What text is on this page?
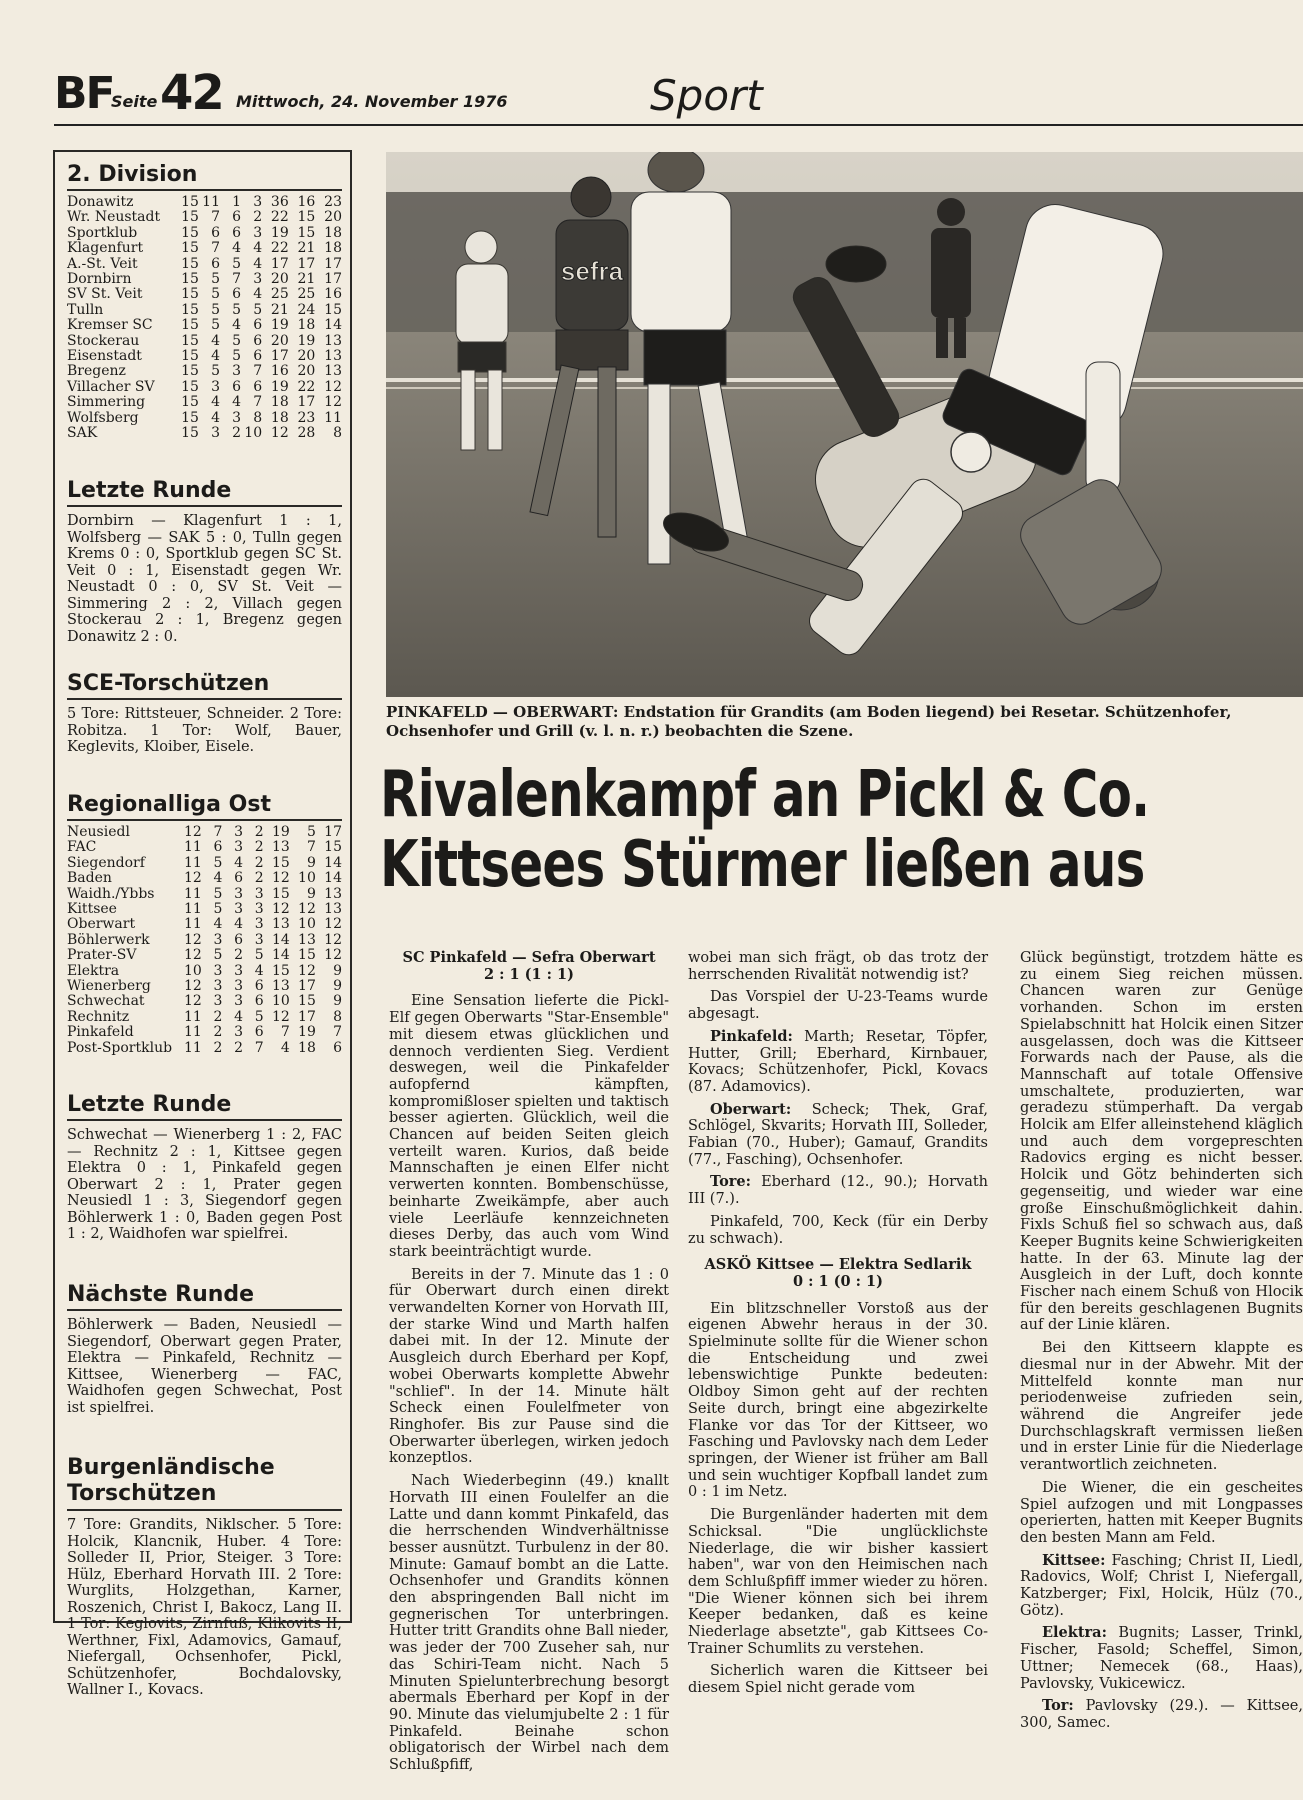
BF
Seite 42 Mittwoch, 24. November 1976	Sport
2. Division
Donawitz	15	11	1	3	36	16	23
Wr. Neustadt	15	7	6	2	22	15	20
Sportklub	15	6	6	3	19	15	18
Klagenfurt	15	7	4	4	22	21	18
A.-St. Veit	15	6	5	4	17	17	17
Dornbirn	15	5	7	3	20	21	17
SV St. Veit	15	5	6	4	25	25	16
Tulln	15	5	5	5	21	24	15
Kremser SC	15	5	4	6	19	18	14
Stockerau	15	4	5	6	20	19	13
Eisenstadt	15	4	5	6	17	20	13
Bregenz	15	5	3	7	16	20	13
Villacher SV	15	3	6	6	19	22	12
Simmering	15	4	4	7	18	17	12
Wolfsberg	15	4	3	8	18	23	11
SAK	15	3	2	10	12	28	8
Letzte Runde
Dornbirn — Klagenfurt 1 : 1, Wolfsberg — SAK 5 : 0, Tulln gegen Krems 0 : 0, Sportklub gegen SC St. Veit 0 : 1, Eisenstadt gegen Wr. Neustadt 0 : 0, SV St. Veit — Simmering 2 : 2, Villach gegen Stockerau 2 : 1, Bregenz gegen Donawitz 2 : 0.
SCE-Torschützen
5 Tore: Rittsteuer, Schneider. 2 Tore: Robitza. 1 Tor: Wolf, Bauer, Keglevits, Kloiber, Eisele.
Regionalliga Ost
Neusiedl	12	7	3	2	19	5	17
FAC	11	6	3	2	13	7	15
Siegendorf	11	5	4	2	15	9	14
Baden	12	4	6	2	12	10	14
Waidh./Ybbs	11	5	3	3	15	9	13
Kittsee	11	5	3	3	12	12	13
Oberwart	11	4	4	3	13	10	12
Böhlerwerk	12	3	6	3	14	13	12
Prater-SV	12	5	2	5	14	15	12
Elektra	10	3	3	4	15	12	9
Wienerberg	12	3	3	6	13	17	9
Schwechat	12	3	3	6	10	15	9
Rechnitz	11	2	4	5	12	17	8
Pinkafeld	11	2	3	6	7	19	7
Post-Sportklub	11	2	2	7	4	18	6
Letzte Runde
Schwechat — Wienerberg 1 : 2, FAC — Rechnitz 2 : 1, Kittsee gegen Elektra 0 : 1, Pinkafeld gegen Oberwart 2 : 1, Prater gegen Neusiedl 1 : 3, Siegendorf gegen Böhlerwerk 1 : 0, Baden gegen Post 1 : 2, Waidhofen war spielfrei.
Nächste Runde
Böhlerwerk — Baden, Neusiedl — Siegendorf, Oberwart gegen Prater, Elektra — Pinkafeld, Rechnitz — Kittsee, Wienerberg — FAC, Waidhofen gegen Schwechat, Post ist spielfrei.
Burgenländische Torschützen
7 Tore: Grandits, Niklscher. 5 Tore: Holcik, Klancnik, Huber. 4 Tore: Solleder II, Prior, Steiger. 3 Tore: Hülz, Eberhard Horvath III. 2 Tore: Wurglits, Holzgethan, Karner, Roszenich, Christ I, Bakocz, Lang II. 1 Tor: Keglovits, Zirnfuß, Klikovits II, Werthner, Fixl, Adamovics, Gamauf, Niefergall, Ochsenhofer, Pickl, Schützenhofer, Bochdalovsky, Wallner I., Kovacs.
sefra
PINKAFELD — OBERWART: Endstation für Grandits (am Boden liegend) bei Resetar. Schützenhofer, Ochsenhofer und Grill (v. l. n. r.) beobachten die Szene.
Rivalenkampf an Pickl & Co.
Kittsees Stürmer ließen aus

SC Pinkafeld — Sefra Oberwart

2 : 1 (1 : 1)

Eine Sensation lieferte die Pickl-Elf gegen Oberwarts "Star-Ensemble" mit diesem etwas glücklichen und dennoch verdienten Sieg. Verdient deswegen, weil die Pinkafelder aufopfernd kämpften, kompromißloser spielten und taktisch besser agierten. Glücklich, weil die Chancen auf beiden Seiten gleich verteilt waren. Kurios, daß beide Mannschaften je einen Elfer nicht verwerten konnten. Bombenschüsse, beinharte Zweikämpfe, aber auch viele Leerläufe kennzeichneten dieses Derby, das auch vom Wind stark beeinträchtigt wurde.

Bereits in der 7. Minute das 1 : 0 für Oberwart durch einen direkt verwandelten Korner von Horvath III, der starke Wind und Marth halfen dabei mit. In der 12. Minute der Ausgleich durch Eberhard per Kopf, wobei Oberwarts komplette Abwehr "schlief". In der 14. Minute hält Scheck einen Foulelfmeter von Ringhofer. Bis zur Pause sind die Oberwarter überlegen, wirken jedoch konzeptlos.

Nach Wiederbeginn (49.) knallt Horvath III einen Foulelfer an die Latte und dann kommt Pinkafeld, das die herrschenden Windverhältnisse besser ausnützt. Turbulenz in der 80. Minute: Gamauf bombt an die Latte. Ochsenhofer und Grandits können den abspringenden Ball nicht im gegnerischen Tor unterbringen. Hutter tritt Grandits ohne Ball nieder, was jeder der 700 Zuseher sah, nur das Schiri-Team nicht. Nach 5 Minuten Spielunterbrechung besorgt abermals Eberhard per Kopf in der 90. Minute das vielumjubelte 2 : 1 für Pinkafeld. Beinahe schon obligatorisch der Wirbel nach dem Schlußpfiff,

wobei man sich frägt, ob das trotz der herrschenden Rivalität notwendig ist?

Das Vorspiel der U-23-Teams wurde abgesagt.

Pinkafeld: Marth; Resetar, Töpfer, Hutter, Grill; Eberhard, Kirnbauer, Kovacs; Schützenhofer, Pickl, Kovacs (87. Adamovics).

Oberwart: Scheck; Thek, Graf, Schlögel, Skvarits; Horvath III, Solleder, Fabian (70., Huber); Gamauf, Grandits (77., Fasching), Ochsenhofer.

Tore: Eberhard (12., 90.); Horvath III (7.).

Pinkafeld, 700, Keck (für ein Derby zu schwach).

ASKÖ Kittsee — Elektra Sedlarik

0 : 1 (0 : 1)

Ein blitzschneller Vorstoß aus der eigenen Abwehr heraus in der 30. Spielminute sollte für die Wiener schon die Entscheidung und zwei lebenswichtige Punkte bedeuten: Oldboy Simon geht auf der rechten Seite durch, bringt eine abgezirkelte Flanke vor das Tor der Kittseer, wo Fasching und Pavlovsky nach dem Leder springen, der Wiener ist früher am Ball und sein wuchtiger Kopfball landet zum 0 : 1 im Netz.

Die Burgenländer haderten mit dem Schicksal. "Die unglücklichste Niederlage, die wir bisher kassiert haben", war von den Heimischen nach dem Schlußpfiff immer wieder zu hören. "Die Wiener können sich bei ihrem Keeper bedanken, daß es keine Niederlage absetzte", gab Kittsees Co-Trainer Schumlits zu verstehen.

Sicherlich waren die Kittseer bei diesem Spiel nicht gerade vom

Glück begünstigt, trotzdem hätte es zu einem Sieg reichen müssen. Chancen waren zur Genüge vorhanden. Schon im ersten Spielabschnitt hat Holcik einen Sitzer ausgelassen, doch was die Kittseer Forwards nach der Pause, als die Mannschaft auf totale Offensive umschaltete, produzierten, war geradezu stümperhaft. Da vergab Holcik am Elfer alleinstehend kläglich und auch dem vorgepreschten Radovics erging es nicht besser. Holcik und Götz behinderten sich gegenseitig, und wieder war eine große Einschußmöglichkeit dahin. Fixls Schuß fiel so schwach aus, daß Keeper Bugnits keine Schwierigkeiten hatte. In der 63. Minute lag der Ausgleich in der Luft, doch konnte Fischer nach einem Schuß von Hlocik für den bereits geschlagenen Bugnits auf der Linie klären.

Bei den Kittseern klappte es diesmal nur in der Abwehr. Mit der Mittelfeld konnte man nur periodenweise zufrieden sein, während die Angreifer jede Durchschlagskraft vermissen ließen und in erster Linie für die Niederlage verantwortlich zeichneten.

Die Wiener, die ein gescheites Spiel aufzogen und mit Longpasses operierten, hatten mit Keeper Bugnits den besten Mann am Feld.

Kittsee: Fasching; Christ II, Liedl, Radovics, Wolf; Christ I, Niefergall, Katzberger; Fixl, Holcik, Hülz (70., Götz).

Elektra: Bugnits; Lasser, Trinkl, Fischer, Fasold; Scheffel, Simon, Uttner; Nemecek (68., Haas), Pavlovsky, Vukicewicz.

Tor: Pavlovsky (29.). — Kittsee, 300, Samec.
